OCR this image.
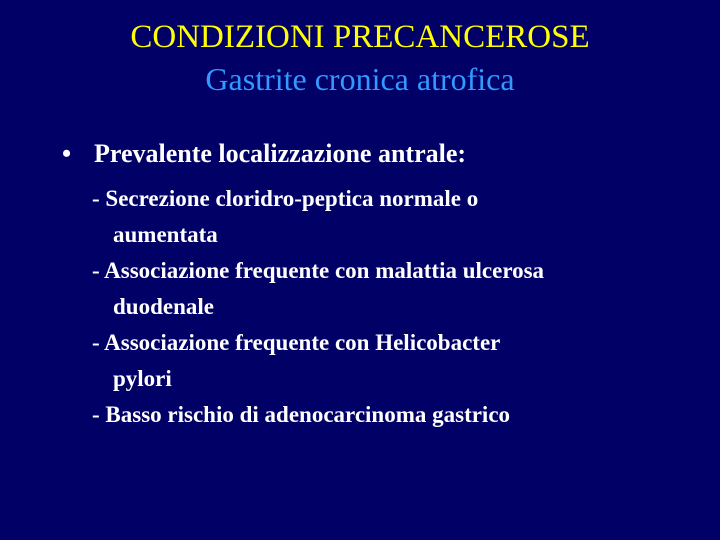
CONDIZIONI PRECANCEROSE
Gastrite cronica atrofica
• Prevalente localizzazione antrale:
- Secrezione cloridro-peptica normale o
aumentata
- Associazione frequente con malattia ulcerosa
duodenale
- Associazione frequente con Helicobacter
pylori
- Basso rischio di adenocarcinoma gastrico
